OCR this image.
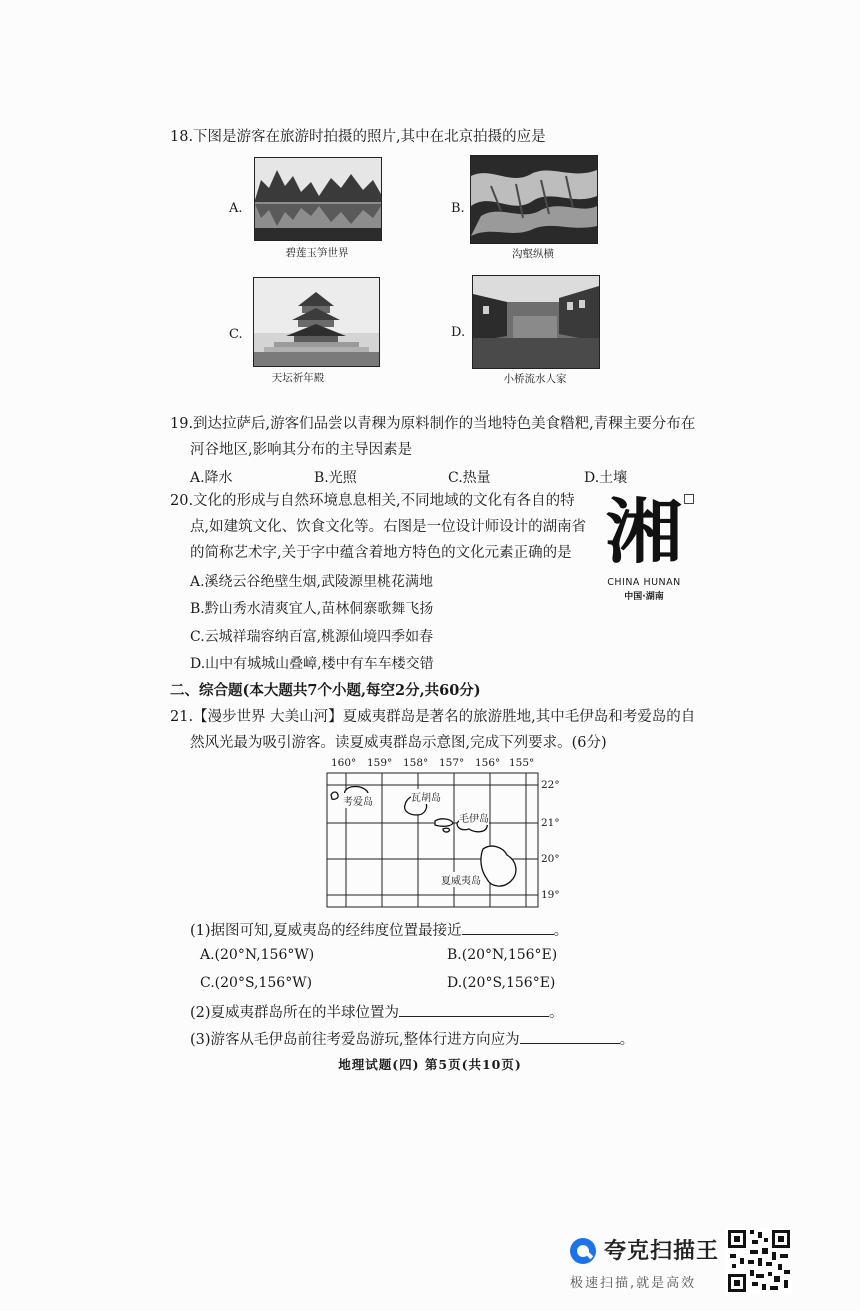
18.下图是游客在旅游时拍摄的照片,其中在北京拍摄的应是
A.
碧莲玉笋世界
B.
沟壑纵横
C.
天坛祈年殿
D.
小桥流水人家
19.到达拉萨后,游客们品尝以青稞为原料制作的当地特色美食糌粑,青稞主要分布在
河谷地区,影响其分布的主导因素是
A.降水	B.光照	C.热量	D.土壤
20.文化的形成与自然环境息息相关,不同地域的文化有各自的特
点,如建筑文化、饮食文化等。右图是一位设计师设计的湖南省
的简称艺术字,关于字中蕴含着地方特色的文化元素正确的是
A.溪绕云谷绝壁生烟,武陵源里桃花满地
B.黔山秀水清爽宜人,苗林侗寨歌舞飞扬
C.云城祥瑞容纳百富,桃源仙境四季如春
D.山中有城城山叠嶂,楼中有车车楼交错
湘
CHINA HUNAN
中国·湖南
二、综合题(本大题共7个小题,每空2分,共60分)
21.【漫步世界 大美山河】夏威夷群岛是著名的旅游胜地,其中毛伊岛和考爱岛的自
然风光最为吸引游客。读夏威夷群岛示意图,完成下列要求。(6分)
160° 159° 158° 157° 156° 155°
22°
21°
20°
19°
考爱岛	瓦胡岛
毛伊岛
夏威夷岛
(1)据图可知,夏威夷岛的经纬度位置最接近	。
A.(20°N,156°W)	B.(20°N,156°E)
C.(20°S,156°W)	D.(20°S,156°E)
(2)夏威夷群岛所在的半球位置为	。
(3)游客从毛伊岛前往考爱岛游玩,整体行进方向应为	。
地理试题(四) 第5页(共10页)
夸克扫描王
极速扫描,就是高效
